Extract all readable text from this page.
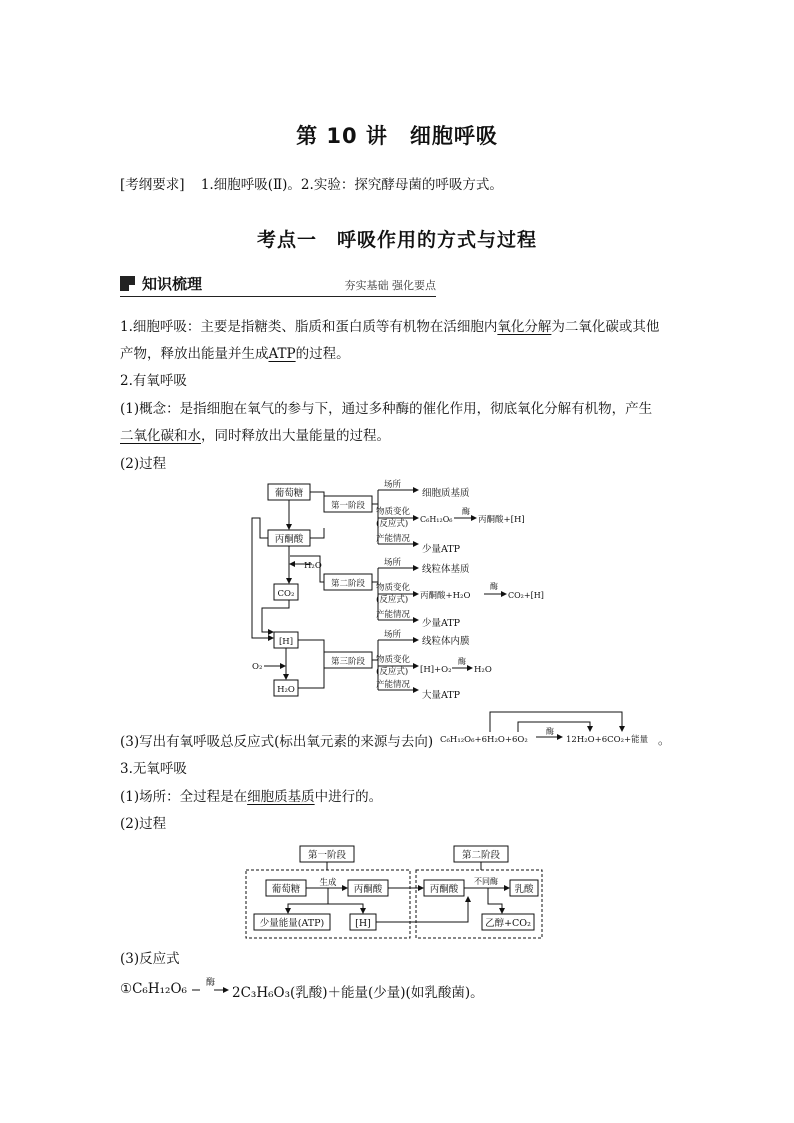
第 10 讲　细胞呼吸
[考纲要求] 1.细胞呼吸(Ⅱ)。2.实验：探究酵母菌的呼吸方式。
考点一　呼吸作用的方式与过程
知识梳理	夯实基础 强化要点
1.细胞呼吸：主要是指糖类、脂质和蛋白质等有机物在活细胞内氧化分解为二氧化碳或其他
产物，释放出能量并生成ATP的过程。
2.有氧呼吸
(1)概念：是指细胞在氧气的参与下，通过多种酶的催化作用，彻底氧化分解有机物，产生
二氧化碳和水，同时释放出大量能量的过程。
(2)过程
葡萄糖
丙酮酸
H₂O
CO₂
[H]
O₂
H₂O
第一阶段
第二阶段
第三阶段
场所
物质变化
(反应式)
产能情况
场所
物质变化
(反应式)
产能情况
场所
物质变化
(反应式)
产能情况
细胞质基质
C₆H₁₂O₆
酶
丙酮酸+[H]
少量ATP
线粒体基质
丙酮酸+H₂O
酶
CO₂+[H]
少量ATP
线粒体内膜
[H]+O₂
酶
H₂O
大量ATP
(3)写出有氧呼吸总反应式(标出氧元素的来源与去向) C₆H₁₂O₆+6H₂O+6O₂
酶
12H₂O+6CO₂+能量 。
3.无氧呼吸
(1)场所：全过程是在细胞质基质中进行的。
(2)过程
第一阶段	第二阶段
葡萄糖
生成
丙酮酸
少量能量(ATP)	[H]
丙酮酸
不同酶
乳酸
乙醇+CO₂
(3)反应式
①C₆H₁₂O₆ 酶
2C₃H₆O₃(乳酸)＋能量(少量)(如乳酸菌)。
